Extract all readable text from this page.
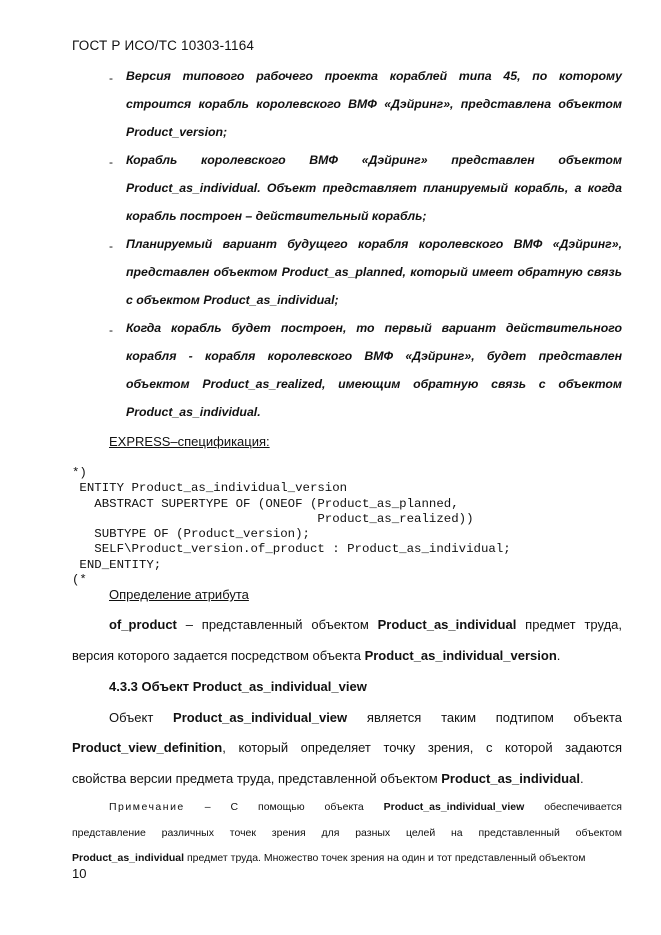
ГОСТ Р ИСО/ТС 10303-1164
- Версия типового рабочего проекта кораблей типа 45, по которому
строится корабль королевского ВМФ «Дэйринг», представлена объектом
Product_version;
- Корабль королевского ВМФ «Дэйринг» представлен объектом
Product_as_individual. Объект представляет планируемый корабль, а когда
корабль построен – действительный корабль;
- Планируемый вариант будущего корабля королевского ВМФ «Дэйринг»,
представлен объектом Product_as_planned, который имеет обратную связь
с объектом Product_as_individual;
- Когда корабль будет построен, то первый вариант действительного
корабля - корабля королевского ВМФ «Дэйринг», будет представлен
объектом Product_as_realized, имеющим обратную связь с объектом
Product_as_individual.
EXPRESS–спецификация:
*)
ENTITY Product_as_individual_version
ABSTRACT SUPERTYPE OF (ONEOF (Product_as_planned,
Product_as_realized))
SUBTYPE OF (Product_version);
SELF\Product_version.of_product : Product_as_individual;
END_ENTITY;
(*
Определение атрибута
of_product – представленный объектом Product_as_individual предмет труда,
версия которого задается посредством объекта Product_as_individual_version.
4.3.3 Объект Product_as_individual_view
Объект Product_as_individual_view является таким подтипом объекта
Product_view_definition, который определяет точку зрения, с которой задаются
свойства версии предмета труда, представленной объектом Product_as_individual.
Примечание – С помощью объекта Product_as_individual_view обеспечивается
представление различных точек зрения для разных целей на представленный объектом
Product_as_individual предмет труда. Множество точек зрения на один и тот представленный объектом
10
